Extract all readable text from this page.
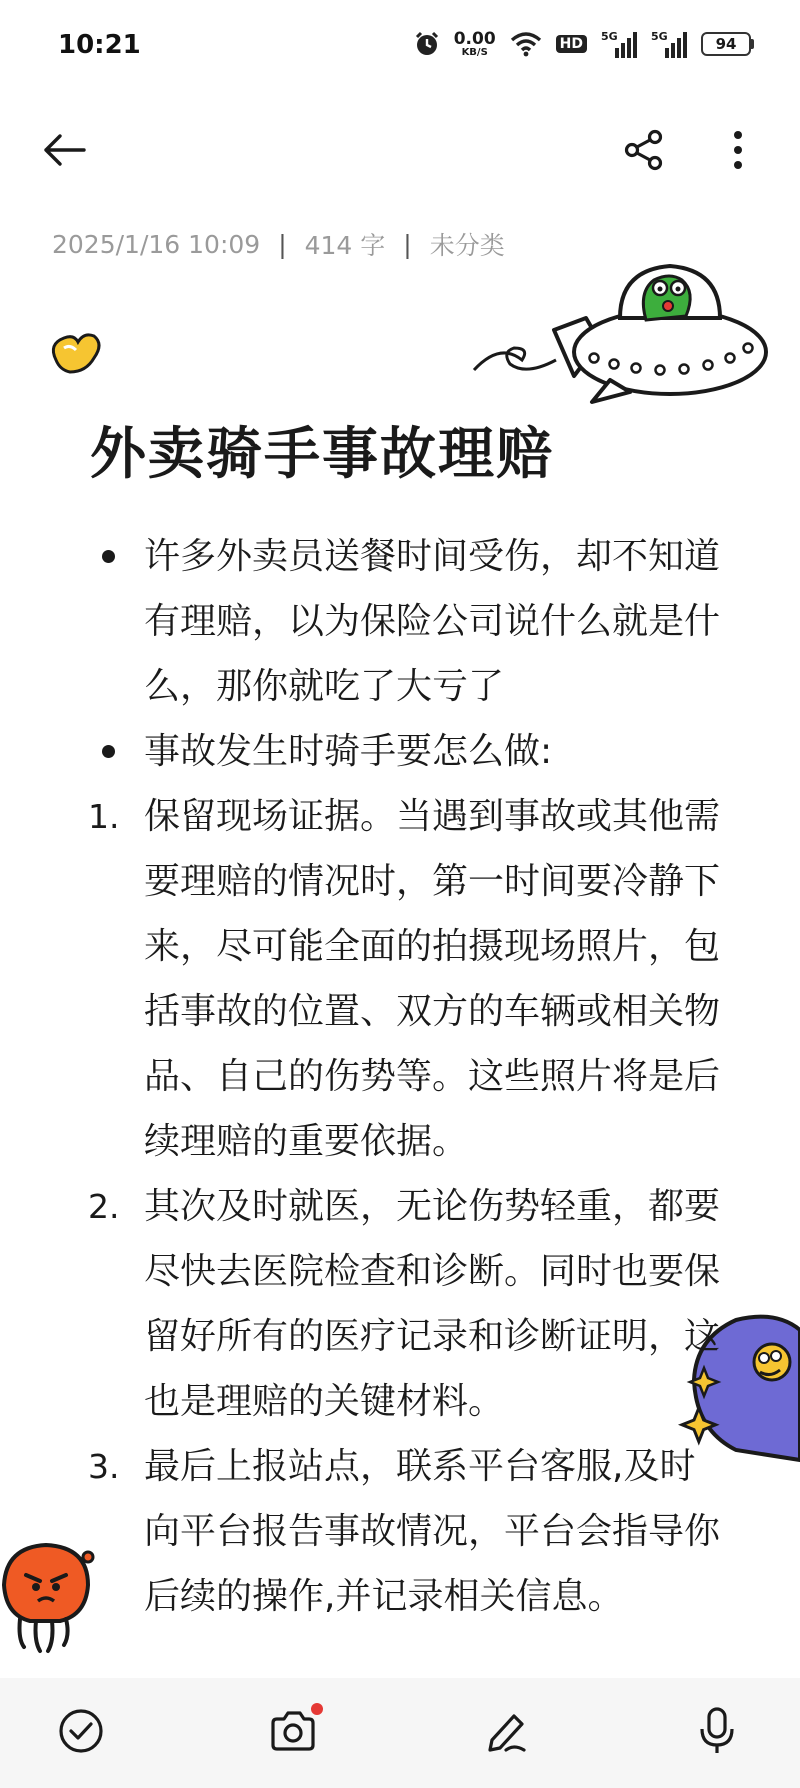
10:21	0.00
KB/S	HD	5G	5G	94
2025/1/16 10:09 | 414 字 | 未分类
外卖骑手事故理赔
许多外卖员送餐时间受伤，却不知道有理赔，以为保险公司说什么就是什么，那你就吃了大亏了
事故发生时骑手要怎么做:
1. 保留现场证据。当遇到事故或其他需要理赔的情况时，第一时间要冷静下来，尽可能全面的拍摄现场照片，包括事故的位置、双方的车辆或相关物品、自己的伤势等。这些照片将是后续理赔的重要依据。
2. 其次及时就医，无论伤势轻重，都要尽快去医院检查和诊断。同时也要保留好所有的医疗记录和诊断证明，这也是理赔的关键材料。
3. 最后上报站点，联系平台客服,及时向平台报告事故情况，平台会指导你后续的操作,并记录相关信息。
